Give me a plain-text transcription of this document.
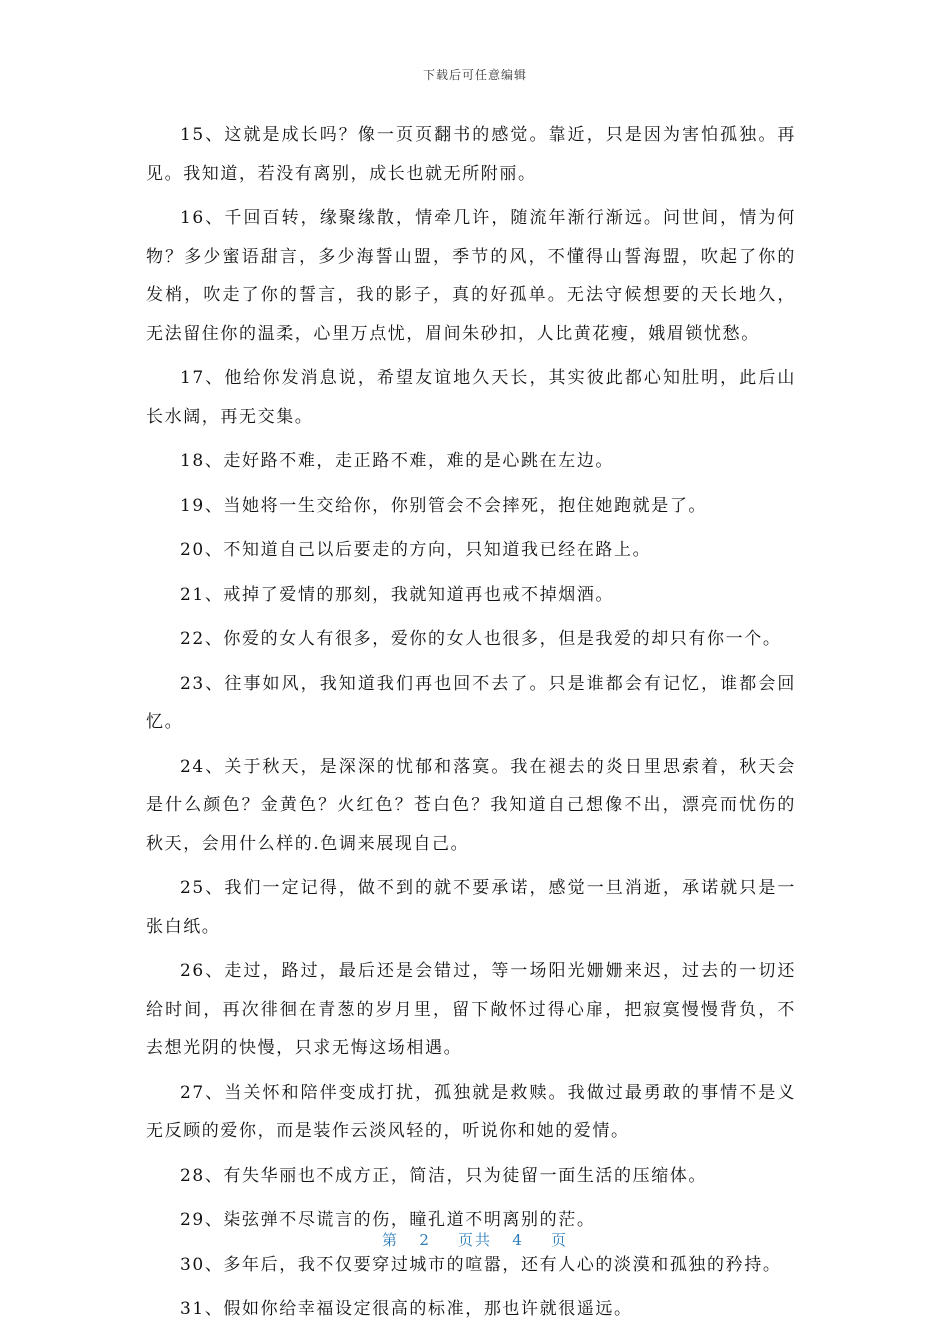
下载后可任意编辑

15、这就是成长吗？像一页页翻书的感觉。靠近，只是因为害怕孤独。再见。我知道，若没有离别，成长也就无所附丽。

16、千回百转，缘聚缘散，情牵几许，随流年渐行渐远。问世间，情为何物？多少蜜语甜言，多少海誓山盟，季节的风，不懂得山誓海盟，吹起了你的发梢，吹走了你的誓言，我的影子，真的好孤单。无法守候想要的天长地久，无法留住你的温柔，心里万点忧，眉间朱砂扣，人比黄花瘦，娥眉锁忧愁。

17、他给你发消息说，希望友谊地久天长，其实彼此都心知肚明，此后山长水阔，再无交集。

18、走好路不难，走正路不难，难的是心跳在左边。

19、当她将一生交给你，你别管会不会摔死，抱住她跑就是了。

20、不知道自己以后要走的方向，只知道我已经在路上。

21、戒掉了爱情的那刻，我就知道再也戒不掉烟酒。

22、你爱的女人有很多，爱你的女人也很多，但是我爱的却只有你一个。

23、往事如风，我知道我们再也回不去了。只是谁都会有记忆，谁都会回忆。

24、关于秋天，是深深的忧郁和落寞。我在褪去的炎日里思索着，秋天会是什么颜色？金黄色？火红色？苍白色？我知道自己想像不出，漂亮而忧伤的秋天，会用什么样的.色调来展现自己。

25、我们一定记得，做不到的就不要承诺，感觉一旦消逝，承诺就只是一张白纸。

26、走过，路过，最后还是会错过，等一场阳光姗姗来迟，过去的一切还给时间，再次徘徊在青葱的岁月里，留下敞怀过得心扉，把寂寞慢慢背负，不去想光阴的快慢，只求无悔这场相遇。

27、当关怀和陪伴变成打扰，孤独就是救赎。我做过最勇敢的事情不是义无反顾的爱你，而是装作云淡风轻的，听说你和她的爱情。

28、有失华丽也不成方正，简洁，只为徒留一面生活的压缩体。

29、柒弦弹不尽谎言的伤，瞳孔道不明离别的茫。

30、多年后，我不仅要穿过城市的喧嚣，还有人心的淡漠和孤独的矜持。

31、假如你给幸福设定很高的标准，那也许就很遥远。

第 2 页共 4 页
